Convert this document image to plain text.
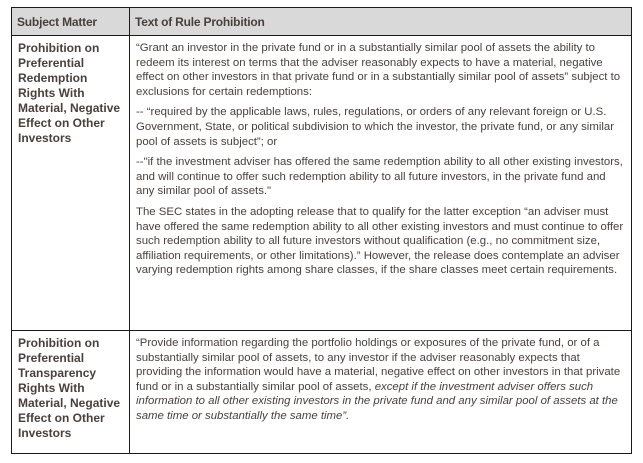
Subject Matter	Text of Rule Prohibition
Prohibition on Preferential Redemption Rights With Material, Negative Effect on Other Investors	“Grant an investor in the private fund or in a substantially similar pool of assets the ability to redeem its interest on terms that the adviser reasonably expects to have a material, negative effect on other investors in that private fund or in a substantially similar pool of assets” subject to exclusions for certain redemptions:

-- “required by the applicable laws, rules, regulations, or orders of any relevant foreign or U.S. Government, State, or political subdivision to which the investor, the private fund, or any similar pool of assets is subject”; or

--"if the investment adviser has offered the same redemption ability to all other existing investors, and will continue to offer such redemption ability to all future investors, in the private fund and any similar pool of assets."

The SEC states in the adopting release that to qualify for the latter exception “an adviser must have offered the same redemption ability to all other existing investors and must continue to offer such redemption ability to all future investors without qualification (e.g., no commitment size, affiliation requirements, or other limitations).” However, the release does contemplate an adviser varying redemption rights among share classes, if the share classes meet certain requirements.

Prohibition on Preferential Transparency Rights With Material, Negative Effect on Other Investors	“Provide information regarding the portfolio holdings or exposures of the private fund, or of a substantially similar pool of assets, to any investor if the adviser reasonably expects that providing the information would have a material, negative effect on other investors in that private fund or in a substantially similar pool of assets, except if the investment adviser offers such information to all other existing investors in the private fund and any similar pool of assets at the same time or substantially the same time”.
